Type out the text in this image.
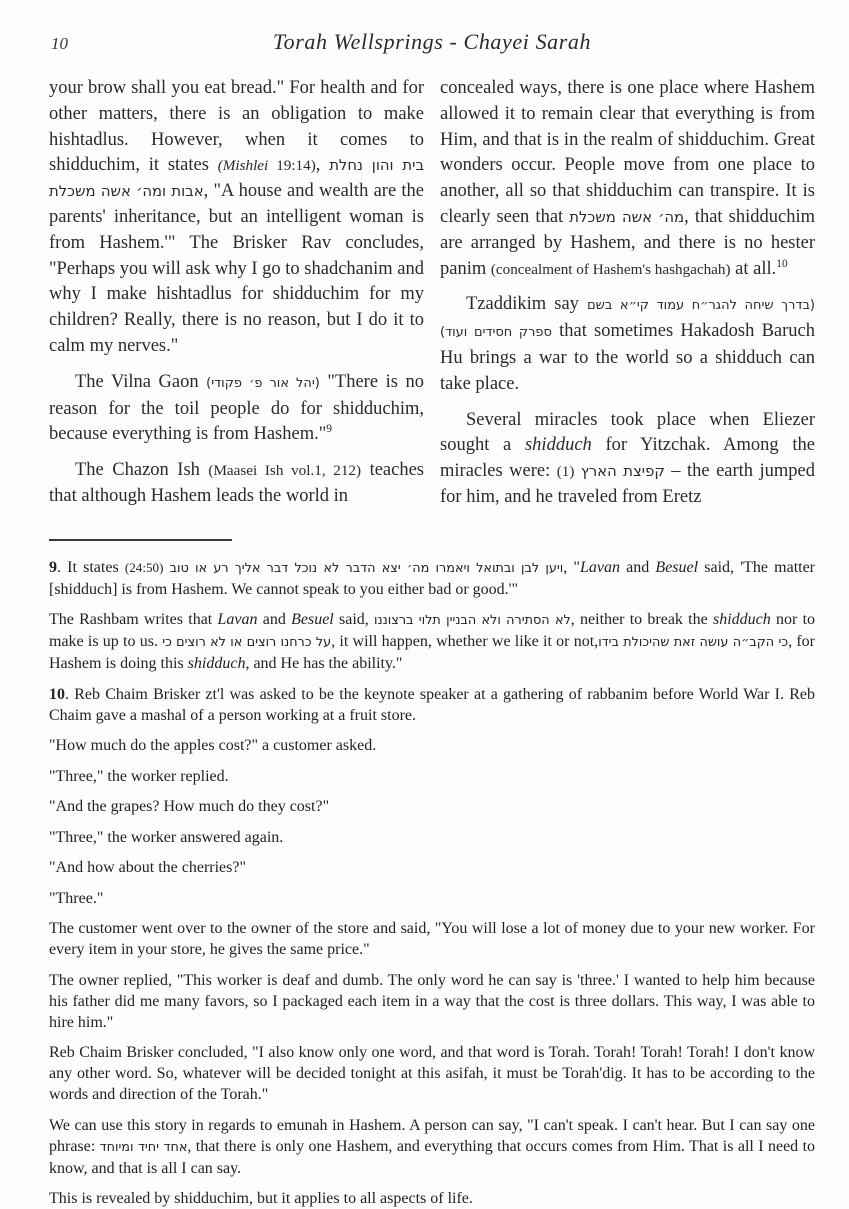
10	Torah Wellsprings - Chayei Sarah

your brow shall you eat bread." For health and for other matters, there is an obligation to make hishtadlus. However, when it comes to shidduchim, it states (Mishlei 19:14), בית והון נחלת אבות ומה׳ אשה משכלת, "A house and wealth are the parents' inheritance, but an intelligent woman is from Hashem.'" The Brisker Rav concludes, "Perhaps you will ask why I go to shadchanim and why I make hishtadlus for shidduchim for my children? Really, there is no reason, but I do it to calm my nerves."

The Vilna Gaon (יהל אור פ׳ פקודי) "There is no reason for the toil people do for shidduchim, because everything is from Hashem."$^9$

The Chazon Ish (Maasei Ish vol.1, 212) teaches that although Hashem leads the world in

concealed ways, there is one place where Hashem allowed it to remain clear that everything is from Him, and that is in the realm of shidduchim. Great wonders occur. People move from one place to another, all so that shidduchim can transpire. It is clearly seen that מה׳ אשה משכלת, that shidduchim are arranged by Hashem, and there is no hester panim (concealment of Hashem's hashgachah) at all.$^{10}$

Tzaddikim say (בדרך שיחה להגר״ח עמוד קי״א בשם ספרק חסידים ועוד) that sometimes Hakadosh Baruch Hu brings a war to the world so a shidduch can take place.

Several miracles took place when Eliezer sought a shidduch for Yitzchak. Among the miracles were: (1) קפיצת הארץ – the earth jumped for him, and he traveled from Eretz

9. It states (24:50) ויען לבן ובתואל ויאמרו מה׳ יצא הדבר לא נוכל דבר אליך רע או טוב, "Lavan and Besuel said, 'The matter [shidduch] is from Hashem. We cannot speak to you either bad or good.'"

The Rashbam writes that Lavan and Besuel said, לא הסתירה ולא הבניין תלוי ברצוננו, neither to break the shidduch nor to make is up to us. על כרחנו רוצים או לא רוצים כי, it will happen, whether we like it or not,כי הקב״ה עושה זאת שהיכולת בידו, for Hashem is doing this shidduch, and He has the ability."

10. Reb Chaim Brisker zt'l was asked to be the keynote speaker at a gathering of rabbanim before World War I. Reb Chaim gave a mashal of a person working at a fruit store.

"How much do the apples cost?" a customer asked.

"Three," the worker replied.

"And the grapes? How much do they cost?"

"Three," the worker answered again.

"And how about the cherries?"

"Three."

The customer went over to the owner of the store and said, "You will lose a lot of money due to your new worker. For every item in your store, he gives the same price."

The owner replied, "This worker is deaf and dumb. The only word he can say is 'three.' I wanted to help him because his father did me many favors, so I packaged each item in a way that the cost is three dollars. This way, I was able to hire him."

Reb Chaim Brisker concluded, "I also know only one word, and that word is Torah. Torah! Torah! Torah! I don't know any other word. So, whatever will be decided tonight at this asifah, it must be Torah'dig. It has to be according to the words and direction of the Torah."

We can use this story in regards to emunah in Hashem. A person can say, "I can't speak. I can't hear. But I can say one phrase: אחד יחיד ומיוחד, that there is only one Hashem, and everything that occurs comes from Him. That is all I need to know, and that is all I can say.

This is revealed by shidduchim, but it applies to all aspects of life.
